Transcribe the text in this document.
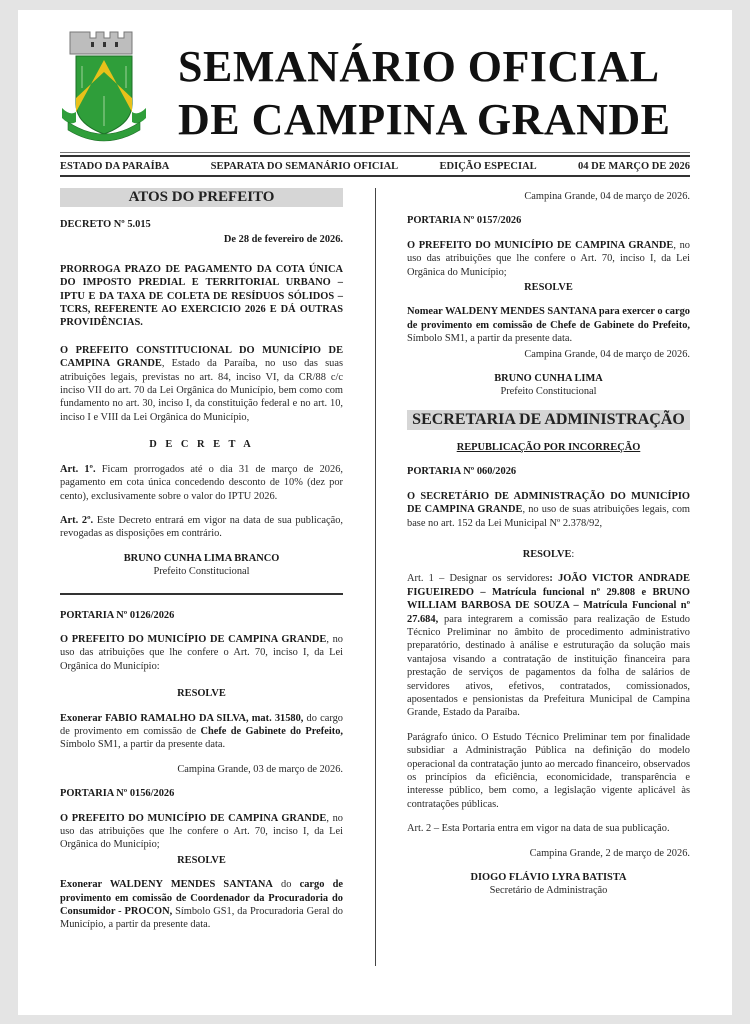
SEMANÁRIO OFICIAL
DE CAMPINA GRANDE
ESTADO DA PARAÍBA	SEPARATA DO SEMANÁRIO OFICIAL	EDIÇÃO ESPECIAL	04 DE MARÇO DE 2026
ATOS DO PREFEITO

DECRETO Nº 5.015

De 28 de fevereiro de 2026.

PRORROGA PRAZO DE PAGAMENTO DA COTA ÚNICA DO IMPOSTO PREDIAL E TERRITORIAL URBANO – IPTU E DA TAXA DE COLETA DE RESÍDUOS SÓLIDOS – TCRS, REFERENTE AO EXERCICIO 2026 E DÁ OUTRAS PROVIDÊNCIAS.

O PREFEITO CONSTITUCIONAL DO MUNICÍPIO DE CAMPINA GRANDE, Estado da Paraíba, no uso das suas atribuições legais, previstas no art. 84, inciso VI, da CR/88 c/c inciso VII do art. 70 da Lei Orgânica do Município, bem como com fundamento no art. 30, inciso I, da constituição federal e no art. 10, inciso I e VIII da Lei Orgânica do Município,

D E C R E T A

Art. 1º. Ficam prorrogados até o dia 31 de março de 2026, pagamento em cota única concedendo desconto de 10% (dez por cento), exclusivamente sobre o valor do IPTU 2026.

Art. 2º. Este Decreto entrará em vigor na data de sua publicação, revogadas as disposições em contrário.

BRUNO CUNHA LIMA BRANCO
Prefeito Constitucional

PORTARIA Nº 0126/2026

O PREFEITO DO MUNICÍPIO DE CAMPINA GRANDE, no uso das atribuições que lhe confere o Art. 70, inciso I, da Lei Orgânica do Município:

RESOLVE

Exonerar FABIO RAMALHO DA SILVA, mat. 31580, do cargo de provimento em comissão de Chefe de Gabinete do Prefeito, Símbolo SM1, a partir da presente data.

Campina Grande, 03 de março de 2026.

PORTARIA Nº 0156/2026

O PREFEITO DO MUNICÍPIO DE CAMPINA GRANDE, no uso das atribuições que lhe confere o Art. 70, inciso I, da Lei Orgânica do Município;

RESOLVE

Exonerar WALDENY MENDES SANTANA do cargo de provimento em comissão de Coordenador da Procuradoria do Consumidor - PROCON, Símbolo GS1, da Procuradoria Geral do Município, a partir da presente data.

Campina Grande, 04 de março de 2026.

PORTARIA Nº 0157/2026

O PREFEITO DO MUNICÍPIO DE CAMPINA GRANDE, no uso das atribuições que lhe confere o Art. 70, inciso I, da Lei Orgânica do Município;

RESOLVE

Nomear WALDENY MENDES SANTANA para exercer o cargo de provimento em comissão de Chefe de Gabinete do Prefeito, Símbolo SM1, a partir da presente data.

Campina Grande, 04 de março de 2026.

BRUNO CUNHA LIMA
Prefeito Constitucional
SECRETARIA DE ADMINISTRAÇÃO

REPUBLICAÇÃO POR INCORREÇÃO

PORTARIA Nº 060/2026

O SECRETÁRIO DE ADMINISTRAÇÃO DO MUNICÍPIO DE CAMPINA GRANDE, no uso de suas atribuições legais, com base no art. 152 da Lei Municipal Nº 2.378/92,

RESOLVE:

Art. 1 – Designar os servidores: JOÃO VICTOR ANDRADE FIGUEIREDO – Matrícula funcional nº 29.808 e BRUNO WILLIAM BARBOSA DE SOUZA – Matrícula Funcional nº 27.684, para integrarem a comissão para realização de Estudo Técnico Preliminar no âmbito de procedimento administrativo preparatório, destinado à análise e estruturação da solução mais vantajosa visando a contratação de instituição financeira para prestação de serviços de pagamentos da folha de salários de servidores ativos, efetivos, contratados, comissionados, aposentados e pensionistas da Prefeitura Municipal de Campina Grande, Estado da Paraíba.

Parágrafo único. O Estudo Técnico Preliminar tem por finalidade subsidiar a Administração Pública na definição do modelo operacional da contratação junto ao mercado financeiro, observados os princípios da eficiência, economicidade, transparência e interesse público, bem como, a legislação vigente aplicável às contratações públicas.

Art. 2 – Esta Portaria entra em vigor na data de sua publicação.

Campina Grande, 2 de março de 2026.

DIOGO FLÁVIO LYRA BATISTA
Secretário de Administração
